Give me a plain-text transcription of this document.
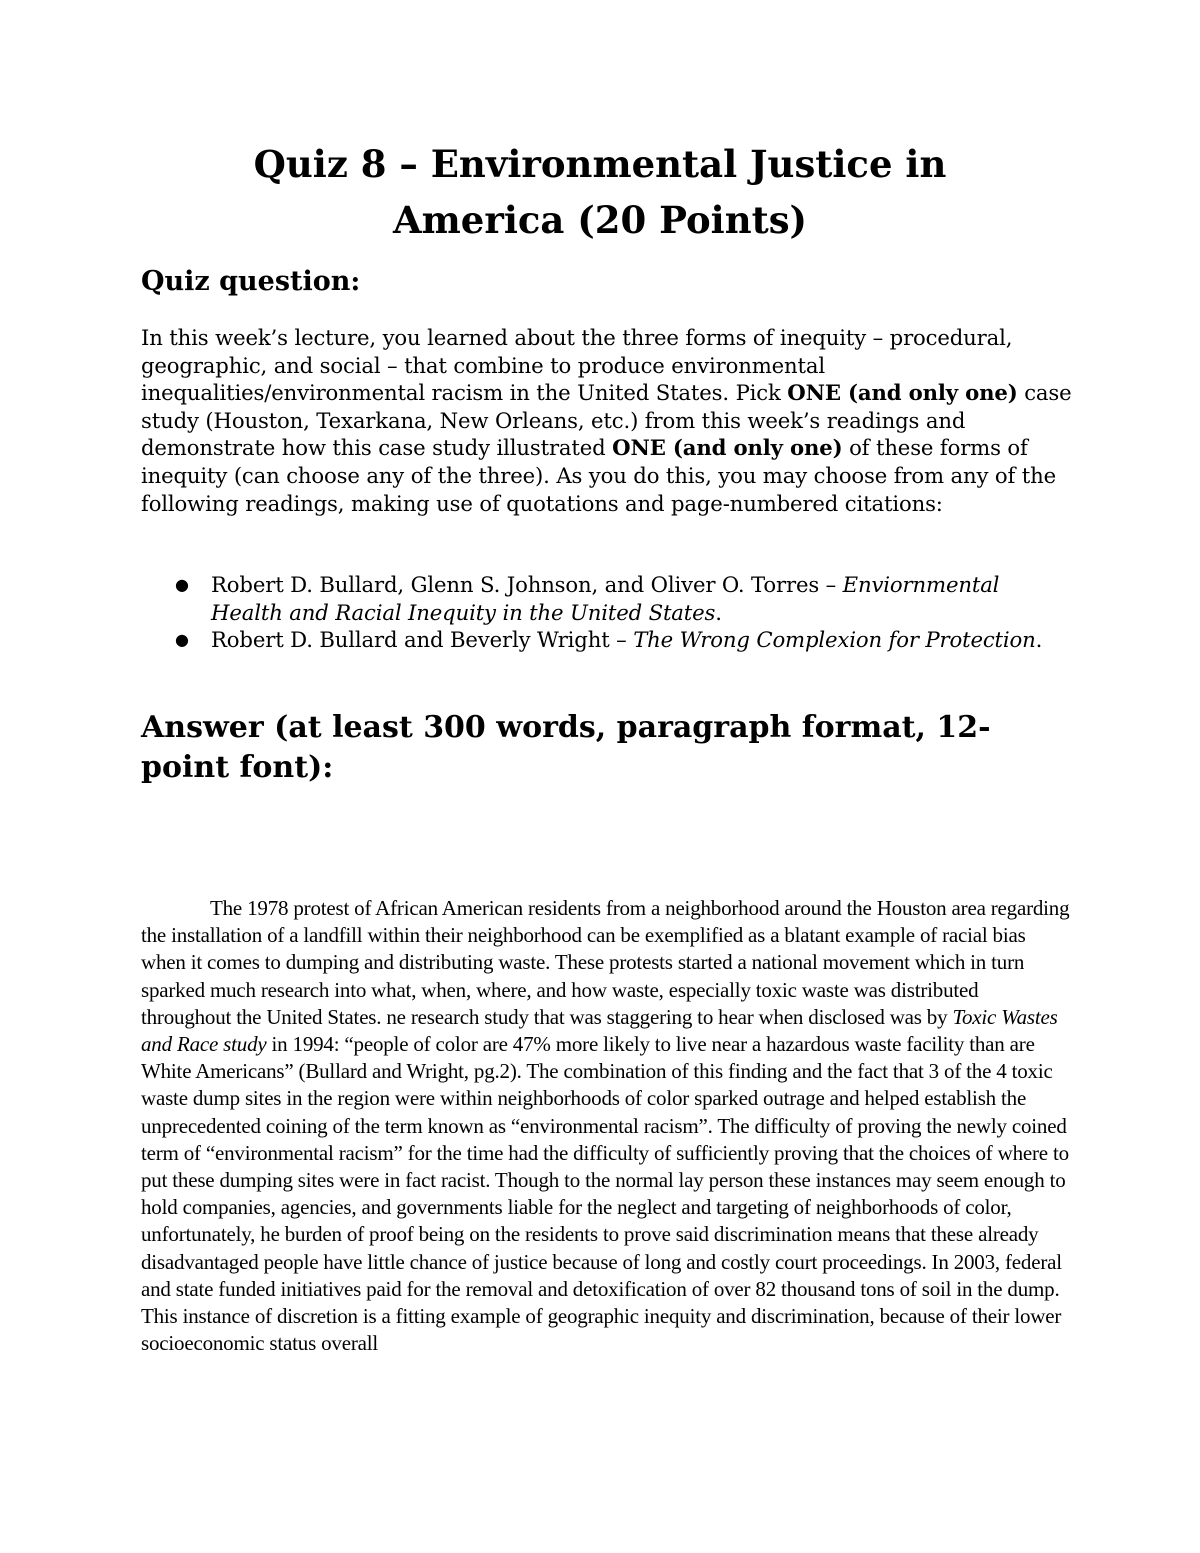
Quiz 8 – Environmental Justice in
America (20 Points)
Quiz question:

In this week’s lecture, you learned about the three forms of inequity – procedural, geographic, and social – that combine to produce environmental inequalities/environmental racism in the United States. Pick ONE (and only one) case study (Houston, Texarkana, New Orleans, etc.) from this week’s readings and demonstrate how this case study illustrated ONE (and only one) of these forms of inequity (can choose any of the three). As you do this, you may choose from any of the following readings, making use of quotations and page-numbered citations:

● Robert D. Bullard, Glenn S. Johnson, and Oliver O. Torres – Enviornmental Health and Racial Inequity in the United States.
● Robert D. Bullard and Beverly Wright – The Wrong Complexion for Protection.
Answer (at least 300 words, paragraph format, 12-point font):

The 1978 protest of African American residents from a neighborhood around the Houston area regarding the installation of a landfill within their neighborhood can be exemplified as a blatant example of racial bias when it comes to dumping and distributing waste. These protests started a national movement which in turn sparked much research into what, when, where, and how waste, especially toxic waste was distributed throughout the United States. ne research study that was staggering to hear when disclosed was by Toxic Wastes and Race study in 1994: “people of color are 47% more likely to live near a hazardous waste facility than are White Americans” (Bullard and Wright, pg.2). The combination of this finding and the fact that 3 of the 4 toxic waste dump sites in the region were within neighborhoods of color sparked outrage and helped establish the unprecedented coining of the term known as “environmental racism”. The difficulty of proving the newly coined term of “environmental racism” for the time had the difficulty of sufficiently proving that the choices of where to put these dumping sites were in fact racist. Though to the normal lay person these instances may seem enough to hold companies, agencies, and governments liable for the neglect and targeting of neighborhoods of color, unfortunately, he burden of proof being on the residents to prove said discrimination means that these already disadvantaged people have little chance of justice because of long and costly court proceedings. In 2003, federal and state funded initiatives paid for the removal and detoxification of over 82 thousand tons of soil in the dump. This instance of discretion is a fitting example of geographic inequity and discrimination, because of their lower socioeconomic status overall
